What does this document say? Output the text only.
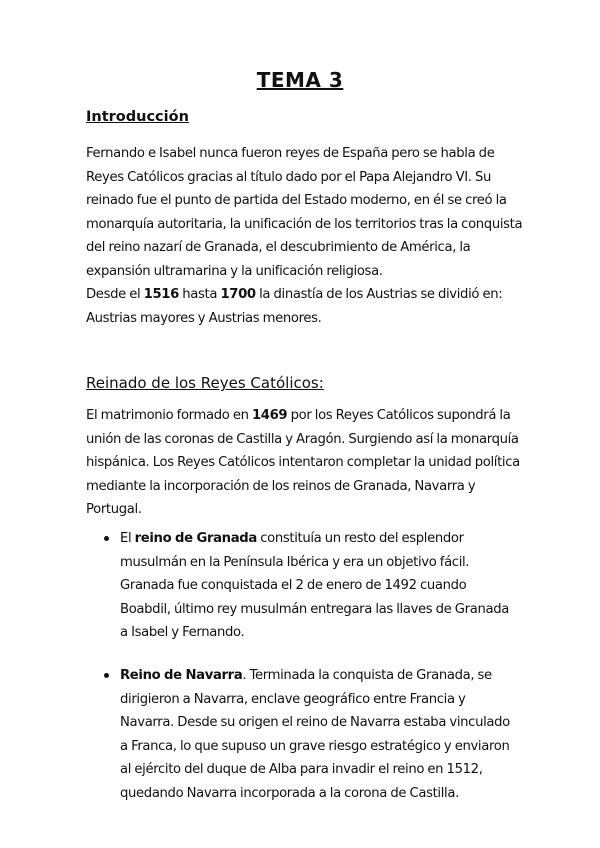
TEMA 3
Introducción

Fernando e Isabel nunca fueron reyes de España pero se habla de Reyes Católicos gracias al título dado por el Papa Alejandro VI. Su reinado fue el punto de partida del Estado moderno, en él se creó la monarquía autoritaria, la unificación de los territorios tras la conquista del reino nazarí de Granada, el descubrimiento de América, la expansión ultramarina y la unificación religiosa.

Desde el 1516 hasta 1700 la dinastía de los Austrias se dividió en: Austrias mayores y Austrias menores.

Reinado de los Reyes Católicos:

El matrimonio formado en 1469 por los Reyes Católicos supondrá la unión de las coronas de Castilla y Aragón. Surgiendo así la monarquía hispánica. Los Reyes Católicos intentaron completar la unidad política mediante la incorporación de los reinos de Granada, Navarra y Portugal.

El reino de Granada constituía un resto del esplendor musulmán en la Península Ibérica y era un objetivo fácil. Granada fue conquistada el 2 de enero de 1492 cuando Boabdil, último rey musulmán entregara las llaves de Granada a Isabel y Fernando.

Reino de Navarra. Terminada la conquista de Granada, se dirigieron a Navarra, enclave geográfico entre Francia y Navarra. Desde su origen el reino de Navarra estaba vinculado a Franca, lo que supuso un grave riesgo estratégico y enviaron al ejército del duque de Alba para invadir el reino en 1512, quedando Navarra incorporada a la corona de Castilla.
